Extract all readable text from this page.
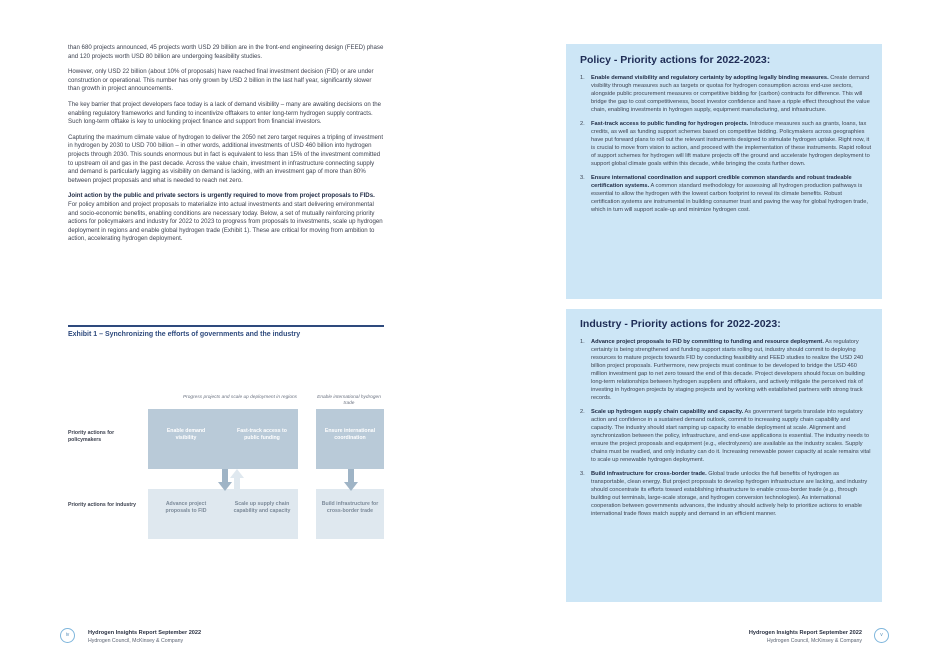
than 680 projects announced, 45 projects worth USD 29 billion are in the front-end engineering design (FEED) phase and 120 projects worth USD 80 billion are undergoing feasibility studies.

However, only USD 22 billion (about 10% of proposals) have reached final investment decision (FID) or are under construction or operational. This number has only grown by USD 2 billion in the last half year, significantly slower than growth in project announcements.

The key barrier that project developers face today is a lack of demand visibility – many are awaiting decisions on the enabling regulatory frameworks and funding to incentivize offtakers to enter long-term hydrogen supply contracts. Such long-term offtake is key to unlocking project finance and support from financial investors.

Capturing the maximum climate value of hydrogen to deliver the 2050 net zero target requires a tripling of investment in hydrogen by 2030 to USD 700 billion – in other words, additional investments of USD 460 billion into hydrogen projects through 2030. This sounds enormous but in fact is equivalent to less than 15% of the investment committed to upstream oil and gas in the past decade. Across the value chain, investment in infrastructure connecting supply and demand is particularly lagging as visibility on demand is lacking, with an investment gap of more than 80% between project proposals and what is needed to reach net zero.

Joint action by the public and private sectors is urgently required to move from project proposals to FIDs. For policy ambition and project proposals to materialize into actual investments and start delivering environmental and socio-economic benefits, enabling conditions are necessary today. Below, a set of mutually reinforcing priority actions for policymakers and industry for 2022 to 2023 to progress from proposals to investments, scale up hydrogen deployment in regions and enable global hydrogen trade (Exhibit 1). These are critical for moving from ambition to action, accelerating hydrogen deployment.

Exhibit 1 – Synchronizing the efforts of governments and the industry
Progress projects and scale up deployment in regions	Enable international hydrogen trade
Priority actions for policymakers
Priority actions for industry
Enable demand visibility
Fast-track access to public funding
Ensure international coordination
Advance project proposals to FID
Scale up supply chain capability and capacity
Build infrastructure for cross-border trade
Policy - Priority actions for 2022-2023:
1. Enable demand visibility and regulatory certainty by adopting legally binding measures. Create demand visibility through measures such as targets or quotas for hydrogen consumption across end-use sectors, alongside public procurement measures or competitive bidding for (carbon) contracts for difference. This will bridge the gap to cost competitiveness, boost investor confidence and have a ripple effect throughout the value chain, enabling investments in hydrogen supply, equipment manufacturing, and infrastructure.
2. Fast-track access to public funding for hydrogen projects. Introduce measures such as grants, loans, tax credits, as well as funding support schemes based on competitive bidding. Policymakers across geographies have put forward plans to roll out the relevant instruments designed to stimulate hydrogen uptake. Right now, it is crucial to move from vision to action, and proceed with the implementation of these instruments. Rapid rollout of support schemes for hydrogen will lift mature projects off the ground and accelerate hydrogen deployment to support global climate goals within this decade, while bringing the costs further down.
3. Ensure international coordination and support credible common standards and robust tradeable certification systems. A common standard methodology for assessing all hydrogen production pathways is essential to allow the hydrogen with the lowest carbon footprint to reveal its climate benefits. Robust certification systems are instrumental in building consumer trust and paving the way for global hydrogen trade, which in turn will support scale-up and minimize hydrogen cost.
Industry - Priority actions for 2022-2023:
1. Advance project proposals to FID by committing to funding and resource deployment. As regulatory certainty is being strengthened and funding support starts rolling out, industry should commit to deploying resources to mature projects towards FID by conducting feasibility and FEED studies to realize the USD 240 billion project proposals. Furthermore, new projects must continue to be developed to bridge the USD 460 million investment gap to net zero toward the end of this decade. Project developers should focus on building long-term relationships between hydrogen suppliers and offtakers, and actively mitigate the perceived risk of investing in hydrogen projects by staging projects and by working with established partners with strong track records.
2. Scale up hydrogen supply chain capability and capacity. As government targets translate into regulatory action and confidence in a sustained demand outlook, commit to increasing supply chain capability and capacity. The industry should start ramping up capacity to enable deployment at scale. Alignment and synchronization between the policy, infrastructure, and end-use applications is essential. The industry needs to ensure the project proposals and equipment (e.g., electrolyzers) are available as the industry scales. Supply chains must be readied, and only industry can do it. Increasing renewable power capacity at scale remains vital to scale up renewable hydrogen deployment.
3. Build infrastructure for cross-border trade. Global trade unlocks the full benefits of hydrogen as transportable, clean energy. But project proposals to develop hydrogen infrastructure are lacking, and industry should concentrate its efforts toward establishing infrastructure to enable cross-border trade (e.g., through building out terminals, large-scale storage, and hydrogen conversion technologies). As international cooperation between governments advances, the industry should actively help to prioritize actions to enable international trade flows match supply and demand in an efficient manner.
iv	Hydrogen Insights Report September 2022
Hydrogen Council, McKinsey & Company
Hydrogen Insights Report September 2022
Hydrogen Council, McKinsey & Company
v
